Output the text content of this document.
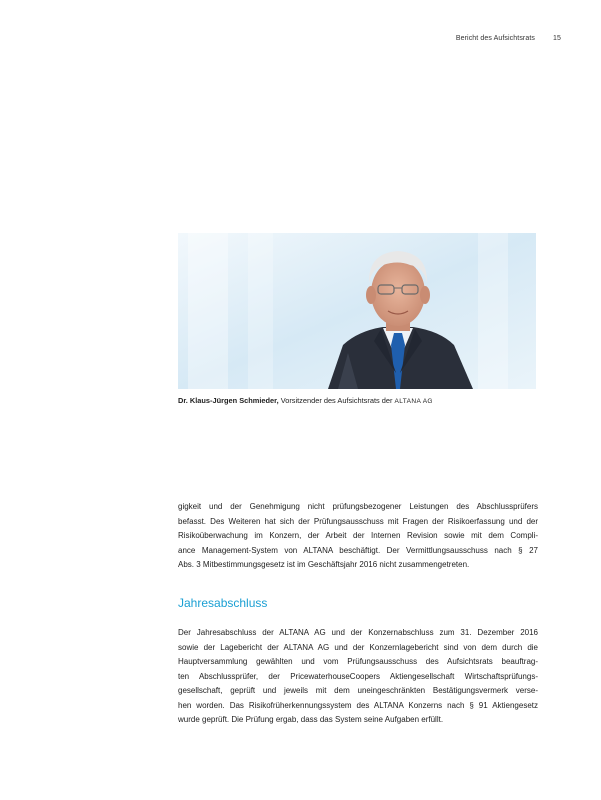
Bericht des Aufsichtsrats	15
Dr. Klaus-Jürgen Schmieder, Vorsitzender des Aufsichtsrats der ALTANA AG
gigkeit und der Genehmigung nicht prüfungsbezogener Leistungen des Abschlussprüfers
befasst. Des Weiteren hat sich der Prüfungsausschuss mit Fragen der Risikoerfassung und der
Risikoüberwachung im Konzern, der Arbeit der Internen Revision sowie mit dem Compli-
ance Management-System von ALTANA beschäftigt. Der Vermittlungsausschuss nach § 27
Abs. 3 Mitbestimmungsgesetz ist im Geschäftsjahr 2016 nicht zusammengetreten.
Jahresabschluss
Der Jahresabschluss der ALTANA AG und der Konzernabschluss zum 31. Dezember 2016
sowie der Lagebericht der ALTANA AG und der Konzernlagebericht sind von dem durch die
Hauptversammlung gewählten und vom Prüfungsausschuss des Aufsichtsrats beauftrag-
ten Abschlussprüfer, der PricewaterhouseCoopers Aktiengesellschaft Wirtschaftsprüfungs-
gesellschaft, geprüft und jeweils mit dem uneingeschränkten Bestätigungsvermerk verse-
hen worden. Das Risikofrüherkennungssystem des ALTANA Konzerns nach § 91 Aktiengesetz
wurde geprüft. Die Prüfung ergab, dass das System seine Aufgaben erfüllt.
